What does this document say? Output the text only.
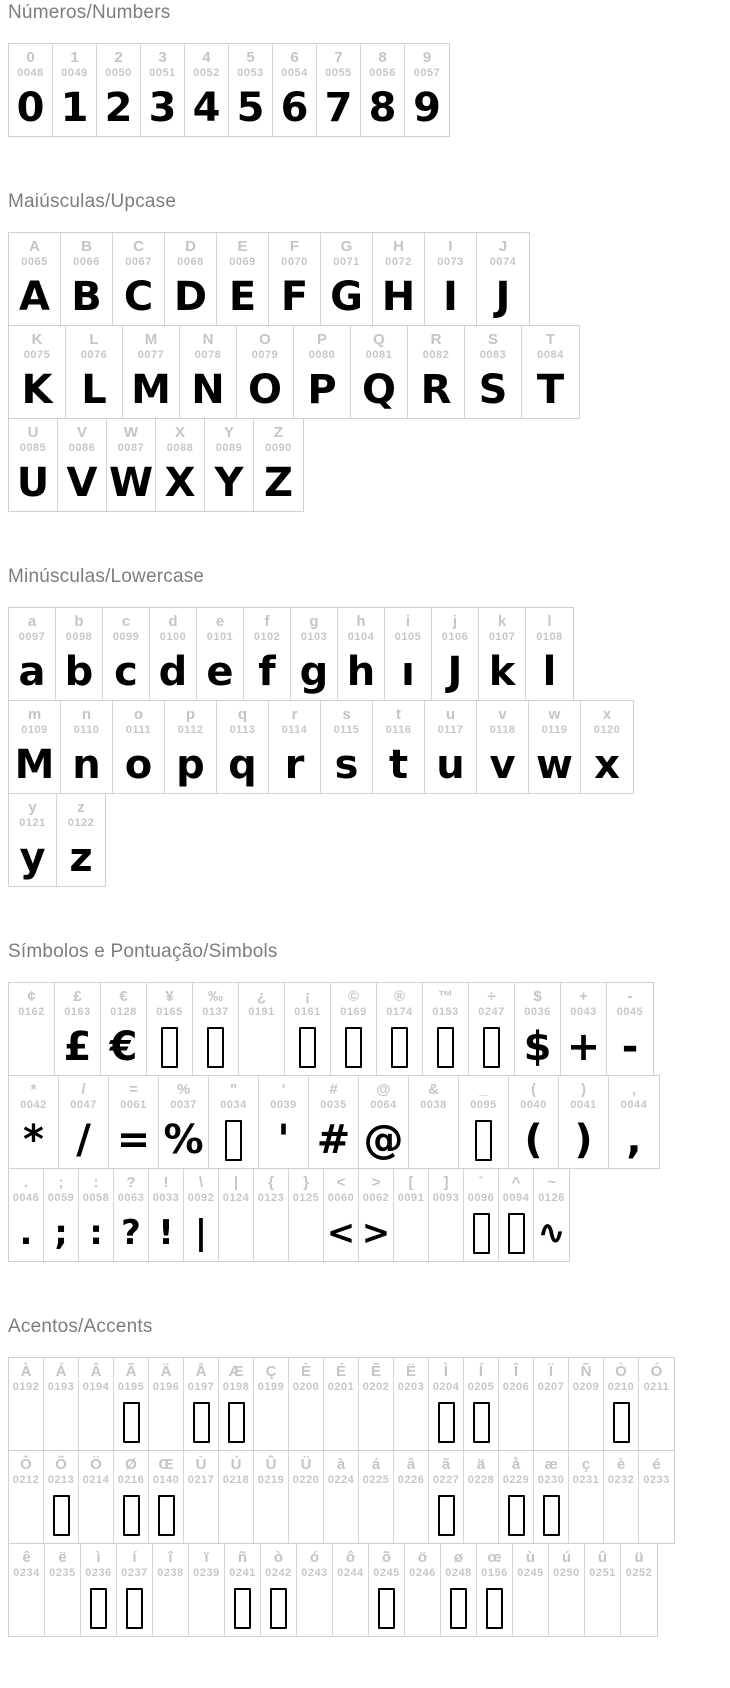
Números/Numbers
0
0048
0
1
0049
1
2
0050
2
3
0051
3
4
0052
4
5
0053
5
6
0054
6
7
0055
7
8
0056
8
9
0057
9
Maiúsculas/Upcase
A
0065
A
B
0066
B
C
0067
C
D
0068
D
E
0069
E
F
0070
F
G
0071
G
H
0072
H
I
0073
I
J
0074
J
K
0075
K
L
0076
L
M
0077
M
N
0078
N
O
0079
O
P
0080
P
Q
0081
Q
R
0082
R
S
0083
S
T
0084
T
U
0085
U
V
0086
V
W
0087
W
X
0088
X
Y
0089
Y
Z
0090
Z
Minúsculas/Lowercase
a
0097
a
b
0098
b
c
0099
c
d
0100
d
e
0101
e
f
0102
f
g
0103
g
h
0104
h
i
0105
ı
j
0106
J
k
0107
k
l
0108
l
m
0109
M
n
0110
n
o
0111
o
p
0112
p
q
0113
q
r
0114
r
s
0115
s
t
0116
t
u
0117
u
v
0118
v
w
0119
w
x
0120
x
y
0121
y
z
0122
z
Símbolos e Pontuação/Simbols
¢
0162
£
0163
£
€
0128
€
¥
0165
‰
0137
¿
0191
¡
0161
©
0169
®
0174
™
0153
÷
0247
$
0036
$
+
0043
+
-
0045
-
*
0042
*
/
0047
/
=
0061
=
%
0037
%
"
0034
'
0039
'
#
0035
#
@
0064
@
&
0038
_
0095
(
0040
(
)
0041
)
,
0044
,
.
0046
.
;
0059
;
:
0058
:
?
0063
?
!
0033
!
\
0092
|
|
0124
{
0123
}
0125
<
0060
<
>
0062
>
[
0091
]
0093
`
0096
^
0094
~
0126
∿
Acentos/Accents
À
0192
Á
0193
Â
0194
Ã
0195
Ä
0196
Å
0197
Æ
0198
Ç
0199
È
0200
É
0201
Ê
0202
Ë
0203
Ì
0204
Í
0205
Î
0206
Ï
0207
Ñ
0209
Ò
0210
Ó
0211
Ô
0212
Õ
0213
Ö
0214
Ø
0216
Œ
0140
Ù
0217
Ú
0218
Û
0219
Ü
0220
à
0224
á
0225
â
0226
ã
0227
ä
0228
å
0229
æ
0230
ç
0231
è
0232
é
0233
ê
0234
ë
0235
ì
0236
í
0237
î
0238
ï
0239
ñ
0241
ò
0242
ó
0243
ô
0244
õ
0245
ö
0246
ø
0248
œ
0156
ù
0249
ú
0250
û
0251
ü
0252
